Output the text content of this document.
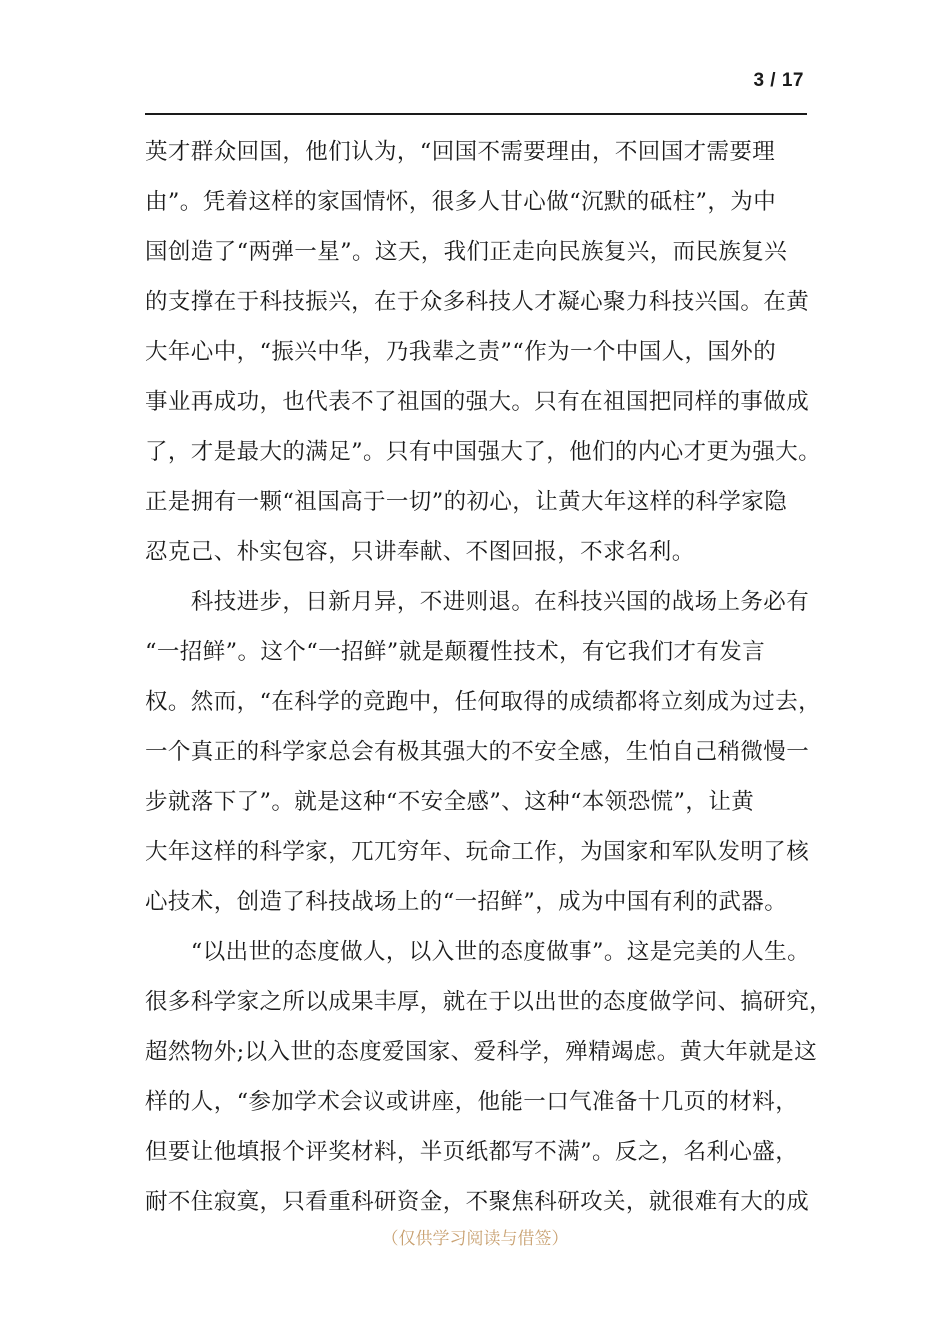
3 / 17
英才群众回国，他们认为，“回国不需要理由，不回国才需要理
由”。凭着这样的家国情怀，很多人甘心做“沉默的砥柱”，为中
国创造了“两弹一星”。这天，我们正走向民族复兴，而民族复兴
的支撑在于科技振兴，在于众多科技人才凝心聚力科技兴国。在黄
大年心中，“振兴中华，乃我辈之责”“作为一个中国人，国外的
事业再成功，也代表不了祖国的强大。只有在祖国把同样的事做成
了，才是最大的满足”。只有中国强大了，他们的内心才更为强大。
正是拥有一颗“祖国高于一切”的初心，让黄大年这样的科学家隐
忍克己、朴实包容，只讲奉献、不图回报，不求名利。
　　科技进步，日新月异，不进则退。在科技兴国的战场上务必有
“一招鲜”。这个“一招鲜”就是颠覆性技术，有它我们才有发言
权。然而，“在科学的竞跑中，任何取得的成绩都将立刻成为过去，
一个真正的科学家总会有极其强大的不安全感，生怕自己稍微慢一
步就落下了”。就是这种“不安全感”、这种“本领恐慌”，让黄
大年这样的科学家，兀兀穷年、玩命工作，为国家和军队发明了核
心技术，创造了科技战场上的“一招鲜”，成为中国有利的武器。
　　“以出世的态度做人，以入世的态度做事”。这是完美的人生。
很多科学家之所以成果丰厚，就在于以出世的态度做学问、搞研究，
超然物外;以入世的态度爱国家、爱科学，殚精竭虑。黄大年就是这
样的人，“参加学术会议或讲座，他能一口气准备十几页的材料，
但要让他填报个评奖材料，半页纸都写不满”。反之，名利心盛，
耐不住寂寞，只看重科研资金，不聚焦科研攻关，就很难有大的成
（仅供学习阅读与借签）
